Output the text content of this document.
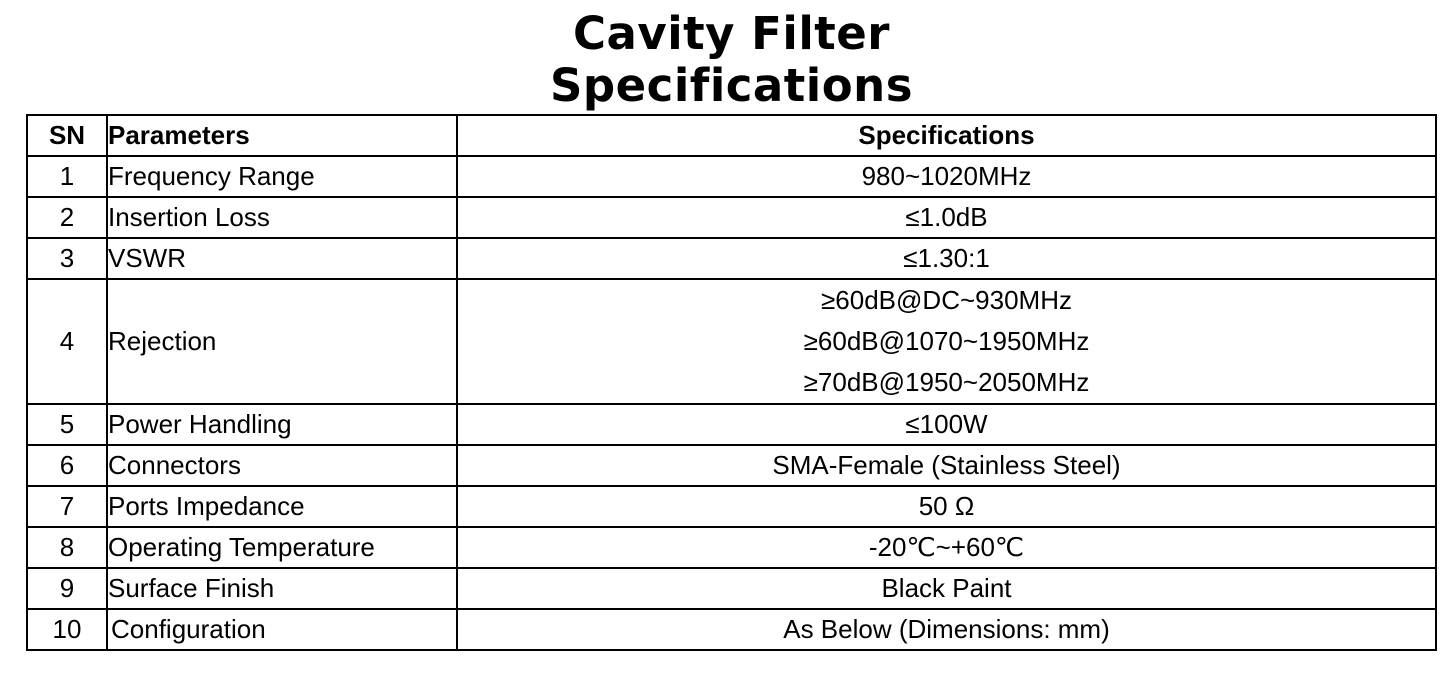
Cavity Filter
Specifications
SN	Parameters	Specifications
1	Frequency Range	980~1020MHz
2	Insertion Loss	≤1.0dB
3	VSWR	≤1.30:1
4	Rejection	≥60dB@DC~930MHz
≥60dB@1070~1950MHz
≥70dB@1950~2050MHz

5	Power Handling	≤100W
6	Connectors	SMA-Female (Stainless Steel)
7	Ports Impedance	50 Ω
8	Operating Temperature	-20℃~+60℃
9	Surface Finish	Black Paint
10	Configuration	As Below (Dimensions: mm)
